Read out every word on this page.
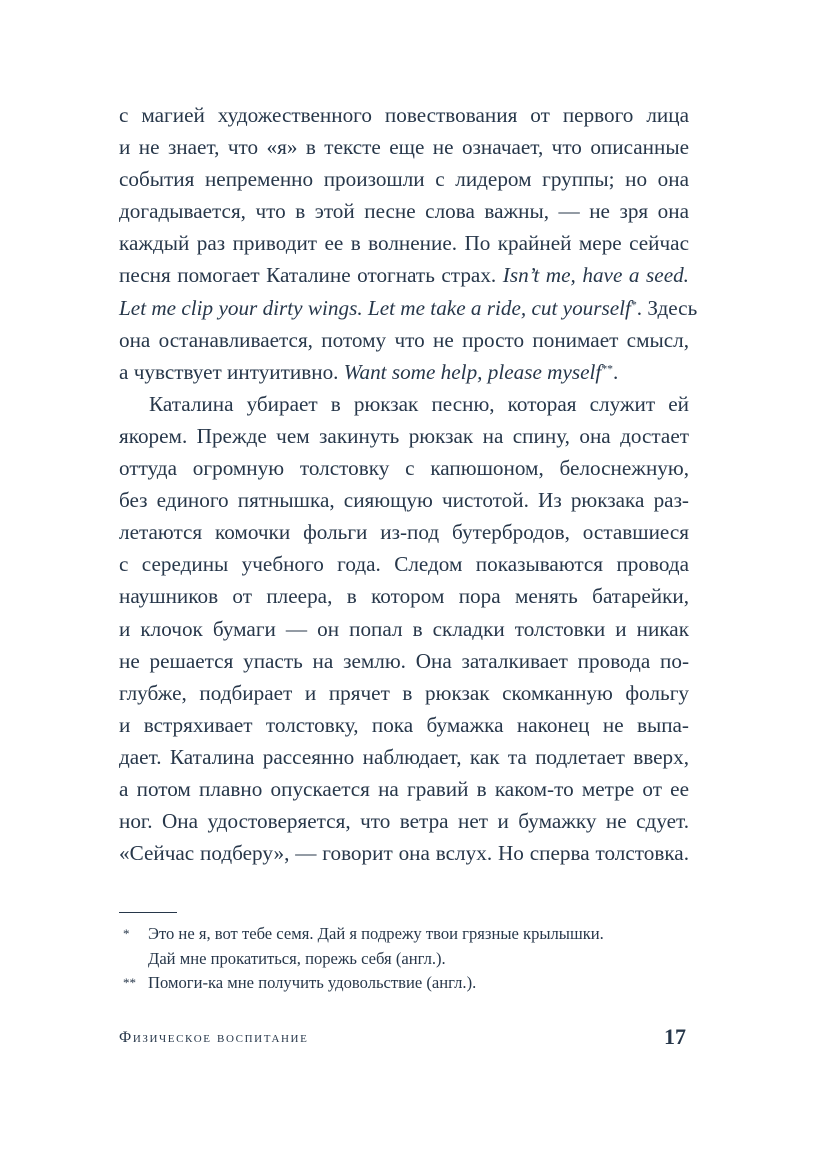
с магией художественного повествования от первого лица
и не знает, что «я» в тексте еще не означает, что описанные
события непременно произошли с лидером группы; но она
догадывается, что в этой песне слова важны, — не зря она
каждый раз приводит ее в волнение. По крайней мере сейчас
песня помогает Каталине отогнать страх. Isn’t me, have a seed.
Let me clip your dirty wings. Let me take a ride, cut yourself*. Здесь
она останавливается, потому что не просто понимает смысл,
а чувствует интуитивно. Want some help, please myself**.
Каталина убирает в рюкзак песню, которая служит ей
якорем. Прежде чем закинуть рюкзак на спину, она достает
оттуда огромную толстовку с капюшоном, белоснежную,
без единого пятнышка, сияющую чистотой. Из рюкзака раз-
летаются комочки фольги из-под бутербродов, оставшиеся
с середины учебного года. Следом показываются провода
наушников от плеера, в котором пора менять батарейки,
и клочок бумаги — он попал в складки толстовки и никак
не решается упасть на землю. Она заталкивает провода по-
глубже, подбирает и прячет в рюкзак скомканную фольгу
и встряхивает толстовку, пока бумажка наконец не выпа-
дает. Каталина рассеянно наблюдает, как та подлетает вверх,
а потом плавно опускается на гравий в каком-то метре от ее
ног. Она удостоверяется, что ветра нет и бумажку не сдует.
«Сейчас подберу», — говорит она вслух. Но сперва толстовка.
*	Это не я, вот тебе семя. Дай я подрежу твои грязные крылышки.
Дай мне прокатиться, порежь себя (англ.).
** Помоги-ка мне получить удовольствие (англ.).
Физическое воспитание	17
